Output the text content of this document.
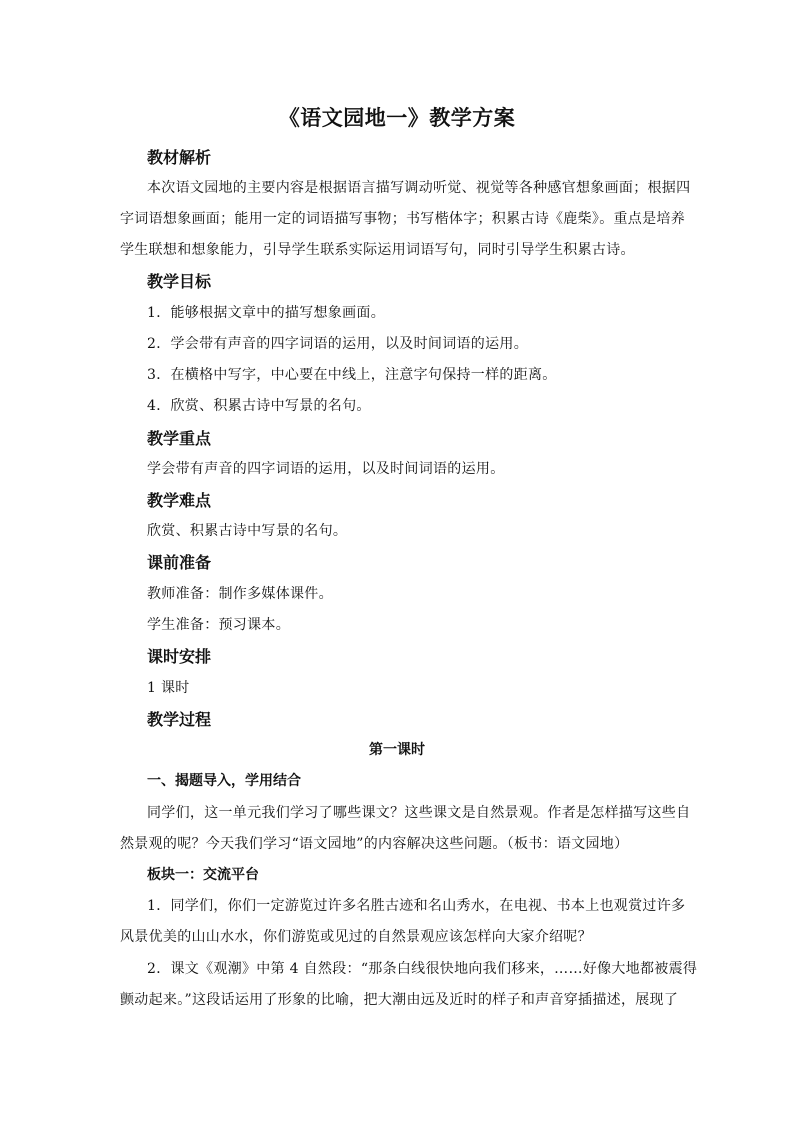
《语文园地一》教学方案
教材解析
本次语文园地的主要内容是根据语言描写调动听觉、视觉等各种感官想象画面；根据四
字词语想象画面；能用一定的词语描写事物；书写楷体字；积累古诗《鹿柴》。重点是培养
学生联想和想象能力，引导学生联系实际运用词语写句，同时引导学生积累古诗。
教学目标
1．能够根据文章中的描写想象画面。
2．学会带有声音的四字词语的运用，以及时间词语的运用。
3．在横格中写字，中心要在中线上，注意字句保持一样的距离。
4．欣赏、积累古诗中写景的名句。
教学重点
学会带有声音的四字词语的运用，以及时间词语的运用。
教学难点
欣赏、积累古诗中写景的名句。
课前准备
教师准备：制作多媒体课件。
学生准备：预习课本。
课时安排
1 课时
教学过程
第一课时
一、揭题导入，学用结合
同学们，这一单元我们学习了哪些课文？这些课文是自然景观。作者是怎样描写这些自
然景观的呢？今天我们学习“语文园地”的内容解决这些问题。（板书：语文园地）
板块一：交流平台
1．同学们，你们一定游览过许多名胜古迹和名山秀水，在电视、书本上也观赏过许多
风景优美的山山水水，你们游览或见过的自然景观应该怎样向大家介绍呢？
2．课文《观潮》中第 4 自然段：“那条白线很快地向我们移来，……好像大地都被震得
颤动起来。”这段话运用了形象的比喻，把大潮由远及近时的样子和声音穿插描述，展现了
